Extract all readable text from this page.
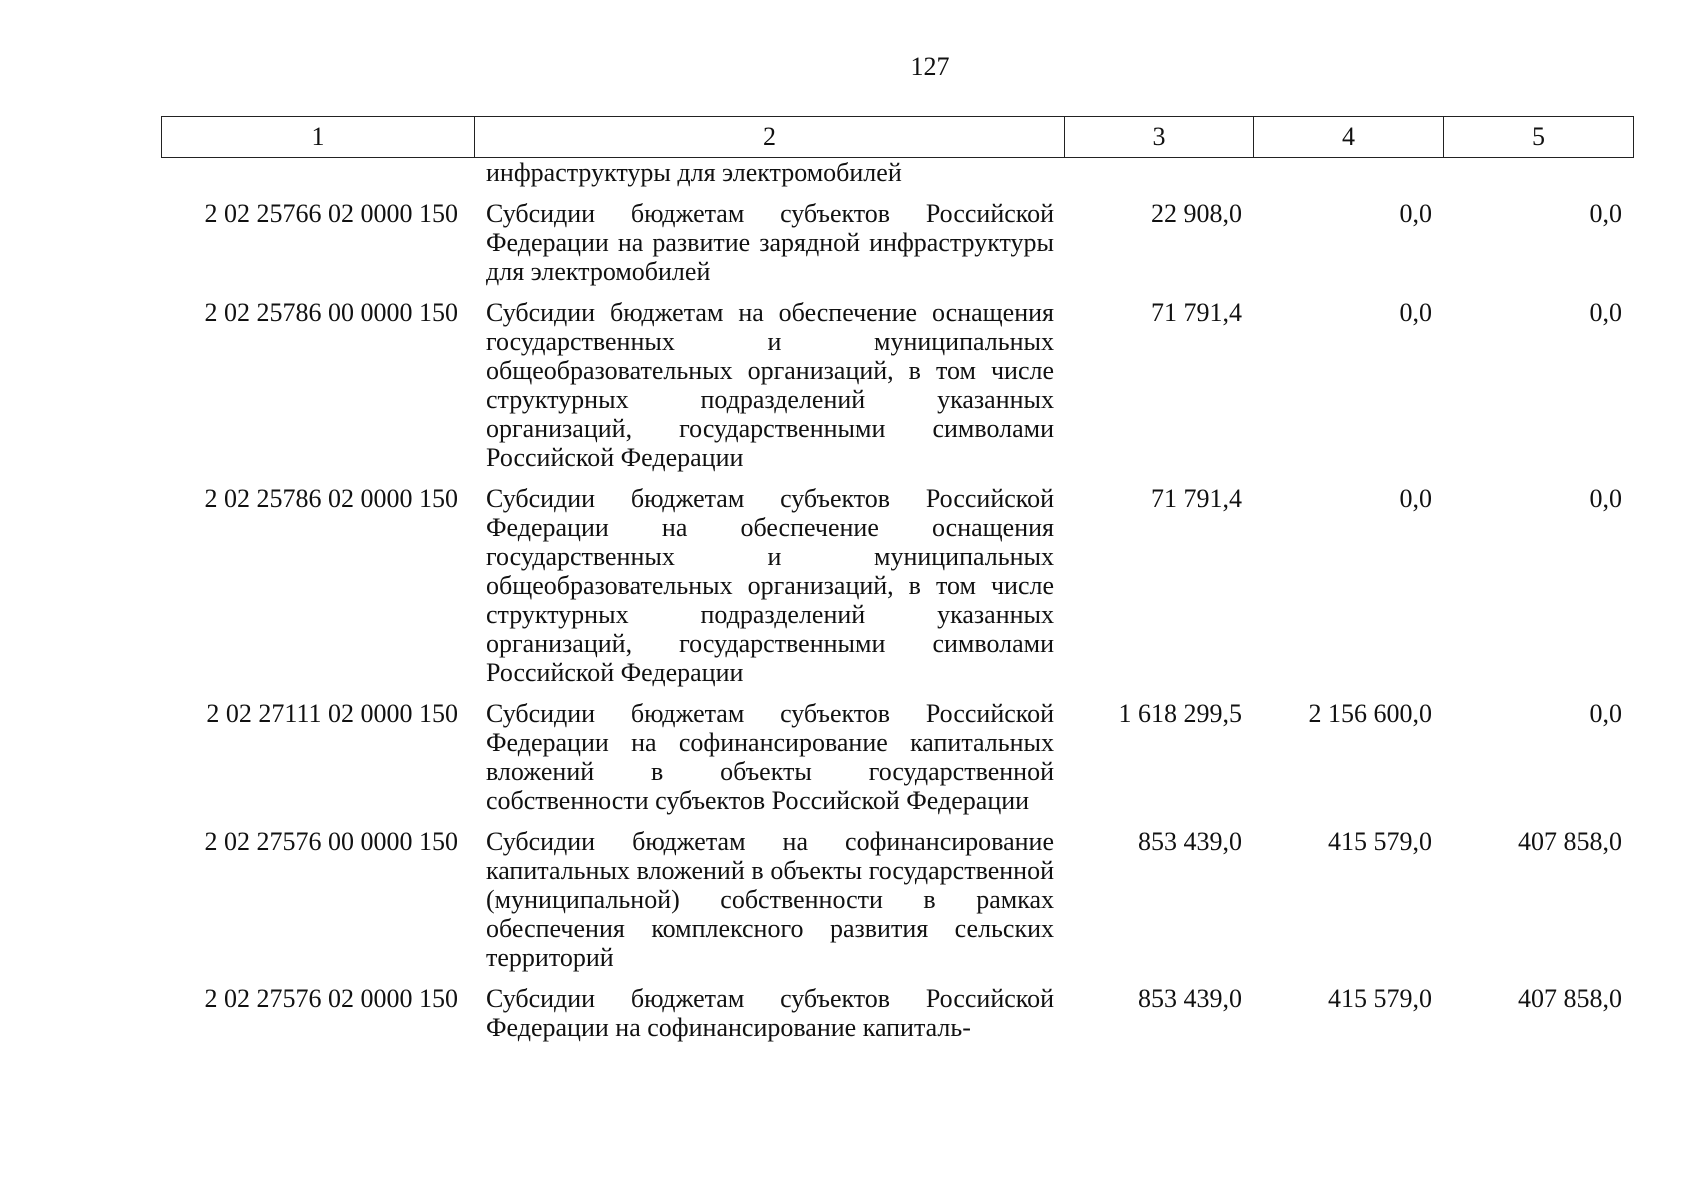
127
1	2	3	4	5
	инфраструктуры для электромобилей			
2 02 25766 02 0000 150	Субсидии бюджетам субъектов Российской Федерации на развитие зарядной инфраструктуры для электромобилей	22 908,0	0,0	0,0
2 02 25786 00 0000 150	Субсидии бюджетам на обеспечение оснащения государственных и муниципальных общеобразовательных организаций, в том числе структурных подразделений указанных организаций, государственными символами Российской Федерации	71 791,4	0,0	0,0
2 02 25786 02 0000 150	Субсидии бюджетам субъектов Российской Федерации на обеспечение оснащения государственных и муниципальных общеобразовательных организаций, в том числе структурных подразделений указанных организаций, государственными символами Российской Федерации	71 791,4	0,0	0,0
2 02 27111 02 0000 150	Субсидии бюджетам субъектов Российской Федерации на софинансирование капитальных вложений в объекты государственной собственности субъектов Российской Федерации	1 618 299,5	2 156 600,0	0,0
2 02 27576 00 0000 150	Субсидии бюджетам на софинансирование капитальных вложений в объекты государственной (муниципальной) собственности в рамках обеспечения комплексного развития сельских территорий	853 439,0	415 579,0	407 858,0
2 02 27576 02 0000 150	Субсидии бюджетам субъектов Российской Федерации на софинансирование капиталь-	853 439,0	415 579,0	407 858,0
